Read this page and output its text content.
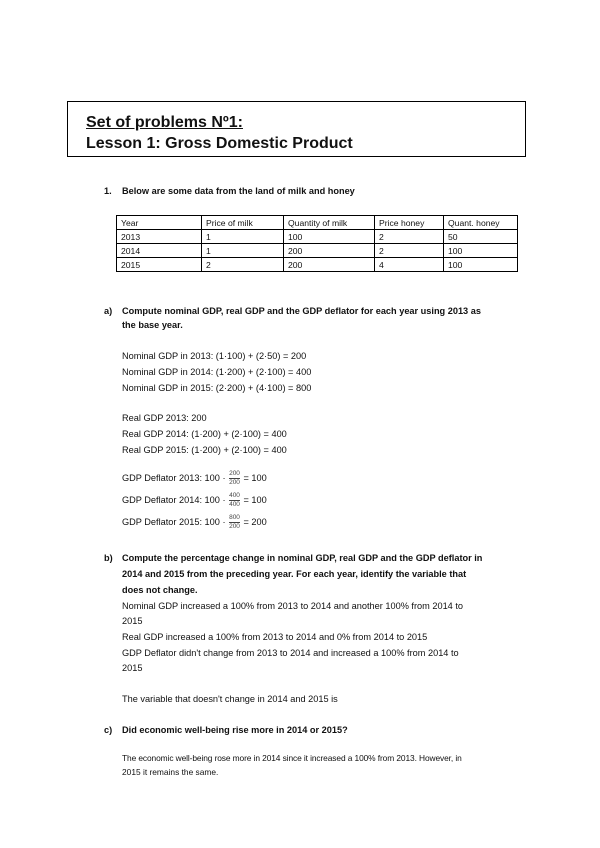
Set of problems Nº1:
Lesson 1: Gross Domestic Product
1. Below are some data from the land of milk and honey
Year	Price of milk	Quantity of milk	Price honey	Quant. honey
2013	1	100	2	50
2014	1	200	2	100
2015	2	200	4	100
a) Compute nominal GDP, real GDP and the GDP deflator for each year using 2013 as
the base year.
Nominal GDP in 2013: (1·100) + (2·50) = 200
Nominal GDP in 2014: (1·200) + (2·100) = 400
Nominal GDP in 2015: (2·200) + (4·100) = 800
Real GDP 2013: 200
Real GDP 2014: (1·200) + (2·100) = 400
Real GDP 2015: (1·200) + (2·100) = 400
GDP Deflator 2013: $100 \cdot \frac{200}{200} = 100$
GDP Deflator 2014: $100 \cdot \frac{400}{400} = 100$
GDP Deflator 2015: $100 \cdot \frac{800}{200} = 200$
b) Compute the percentage change in nominal GDP, real GDP and the GDP deflator in
2014 and 2015 from the preceding year. For each year, identify the variable that
does not change.
Nominal GDP increased a 100% from 2013 to 2014 and another 100% from 2014 to
2015
Real GDP increased a 100% from 2013 to 2014 and 0% from 2014 to 2015
GDP Deflator didn't change from 2013 to 2014 and increased a 100% from 2014 to
2015
The variable that doesn't change in 2014 and 2015 is
c) Did economic well-being rise more in 2014 or 2015?
The economic well-being rose more in 2014 since it increased a 100% from 2013. However, in
2015 it remains the same.
